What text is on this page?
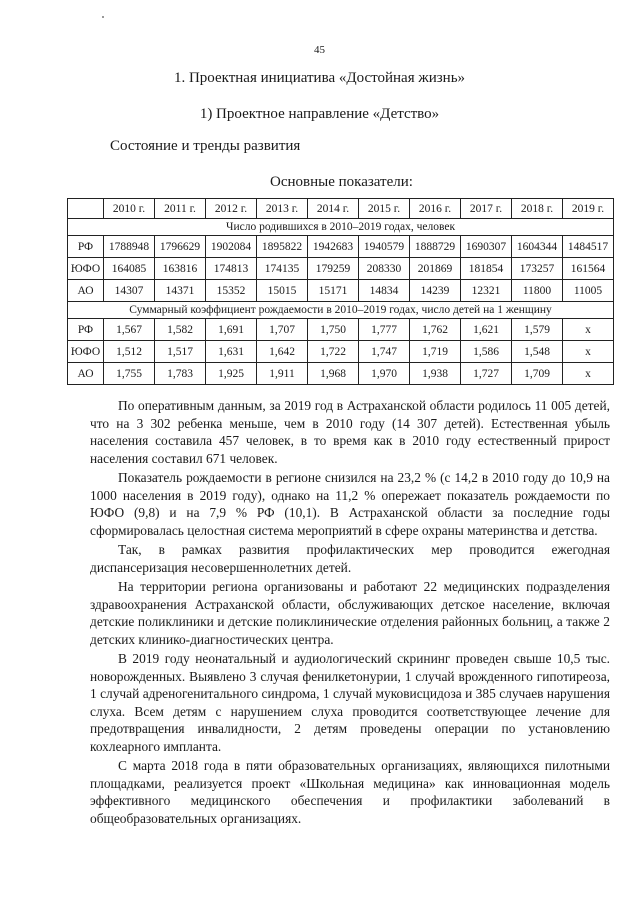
45
1. Проектная инициатива «Достойная жизнь»
1) Проектное направление «Детство»
Состояние и тренды развития
Основные показатели:
	2010 г.	2011 г.	2012 г.	2013 г.	2014 г.	2015 г.	2016 г.	2017 г.	2018 г.	2019 г.
Число родившихся в 2010–2019 годах, человек										
РФ	1788948	1796629	1902084	1895822	1942683	1940579	1888729	1690307	1604344	1484517
ЮФО	164085	163816	174813	174135	179259	208330	201869	181854	173257	161564
АО	14307	14371	15352	15015	15171	14834	14239	12321	11800	11005
Суммарный коэффициент рождаемости в 2010–2019 годах, число детей на 1 женщину										
РФ	1,567	1,582	1,691	1,707	1,750	1,777	1,762	1,621	1,579	x
ЮФО	1,512	1,517	1,631	1,642	1,722	1,747	1,719	1,586	1,548	x
АО	1,755	1,783	1,925	1,911	1,968	1,970	1,938	1,727	1,709	x

По оперативным данным, за 2019 год в Астраханской области родилось 11 005 детей, что на 3 302 ребенка меньше, чем в 2010 году (14 307 детей). Естественная убыль населения составила 457 человек, в то время как в 2010 году естественный прирост населения составил 671 человек.

Показатель рождаемости в регионе снизился на 23,2 % (с 14,2 в 2010 году до 10,9 на 1000 населения в 2019 году), однако на 11,2 % опережает показатель рождаемости по ЮФО (9,8) и на 7,9 % РФ (10,1). В Астраханской области за последние годы сформировалась целостная система мероприятий в сфере охраны материнства и детства.

Так, в рамках развития профилактических мер проводится ежегодная диспансеризация несовершеннолетних детей.

На территории региона организованы и работают 22 медицинских подразделения здравоохранения Астраханской области, обслуживающих детское население, включая детские поликлиники и детские поликлинические отделения районных больниц, а также 2 детских клинико-диагностических центра.

В 2019 году неонатальный и аудиологический скрининг проведен свыше 10,5 тыс. новорожденных. Выявлено 3 случая фенилкетонурии, 1 случай врожденного гипотиреоза, 1 случай адреногенитального синдрома, 1 случай муковисцидоза и 385 случаев нарушения слуха. Всем детям с нарушением слуха проводится соответствующее лечение для предотвращения инвалидности, 2 детям проведены операции по установлению кохлеарного импланта.

С марта 2018 года в пяти образовательных организациях, являющихся пилотными площадками, реализуется проект «Школьная медицина» как инновационная модель эффективного медицинского обеспечения и профилактики заболеваний в общеобразовательных организациях.
